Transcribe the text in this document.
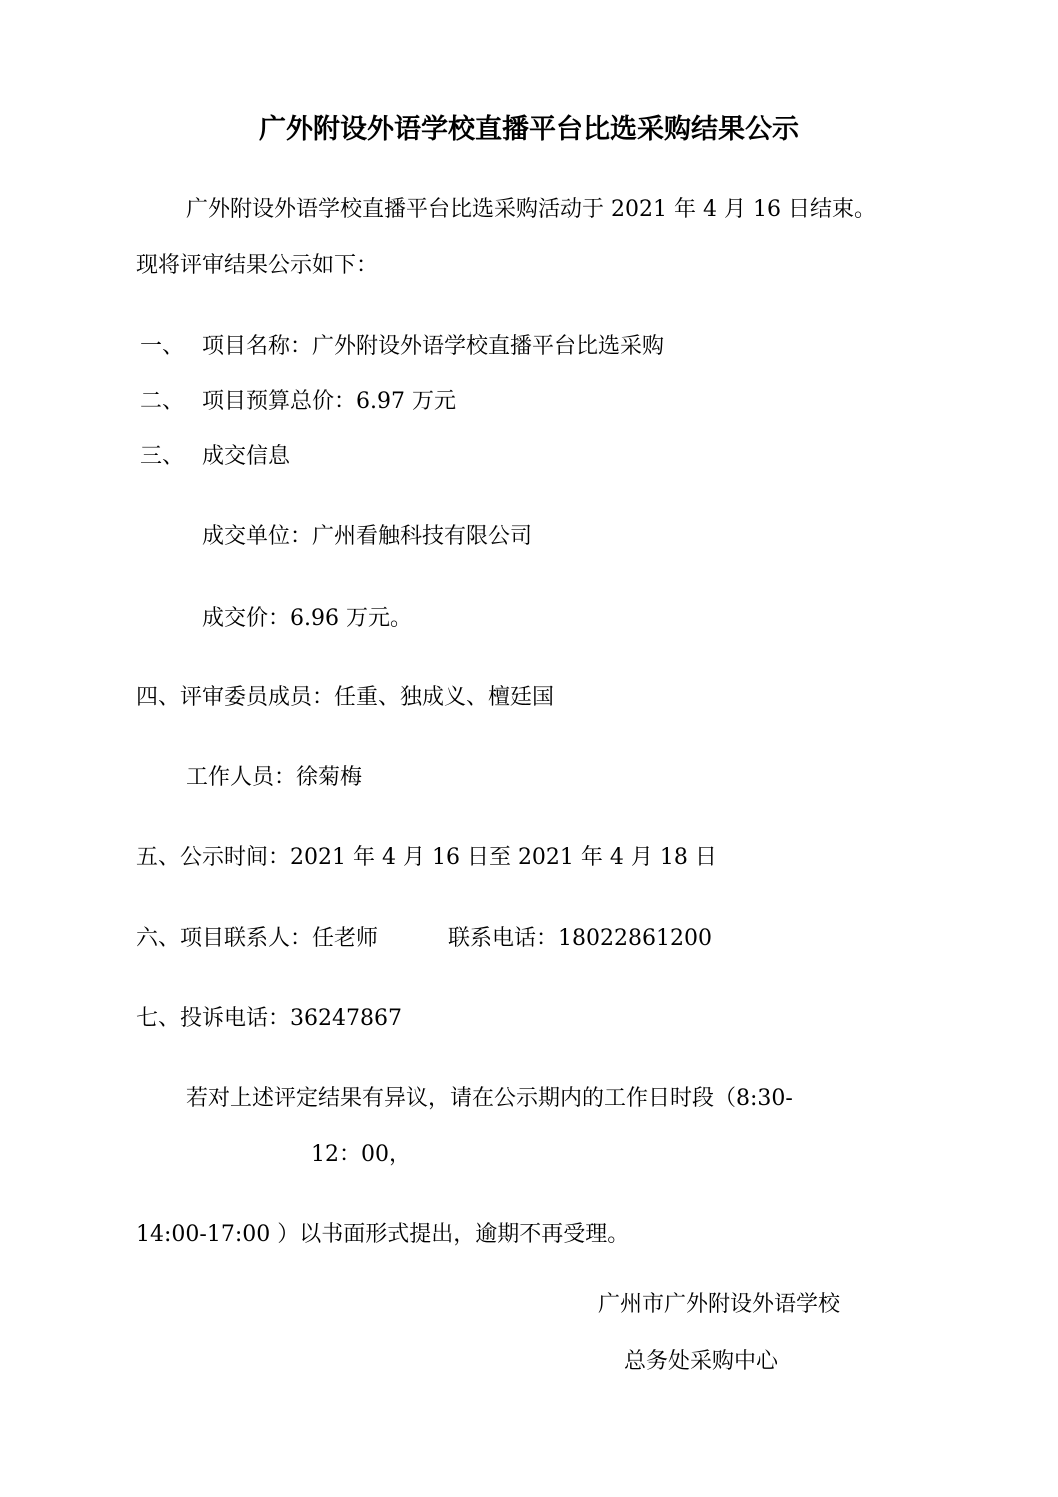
广外附设外语学校直播平台比选采购结果公示
广外附设外语学校直播平台比选采购活动于 2021 年 4 月 16 日结束。
现将评审结果公示如下：
一、 项目名称：广外附设外语学校直播平台比选采购
二、 项目预算总价：6.97 万元
三、 成交信息
成交单位：广州看触科技有限公司
成交价：6.96 万元。
四、评审委员成员：任重、独成义、檀廷国
工作人员：徐菊梅
五、公示时间：2021 年 4 月 16 日至 2021 年 4 月 18 日
六、项目联系人：任老师	联系电话：18022861200
七、投诉电话：36247867
若对上述评定结果有异议，请在公示期内的工作日时段（8:30-
12：00，
14:00-17:00 ）以书面形式提出，逾期不再受理。
广州市广外附设外语学校
总务处采购中心
